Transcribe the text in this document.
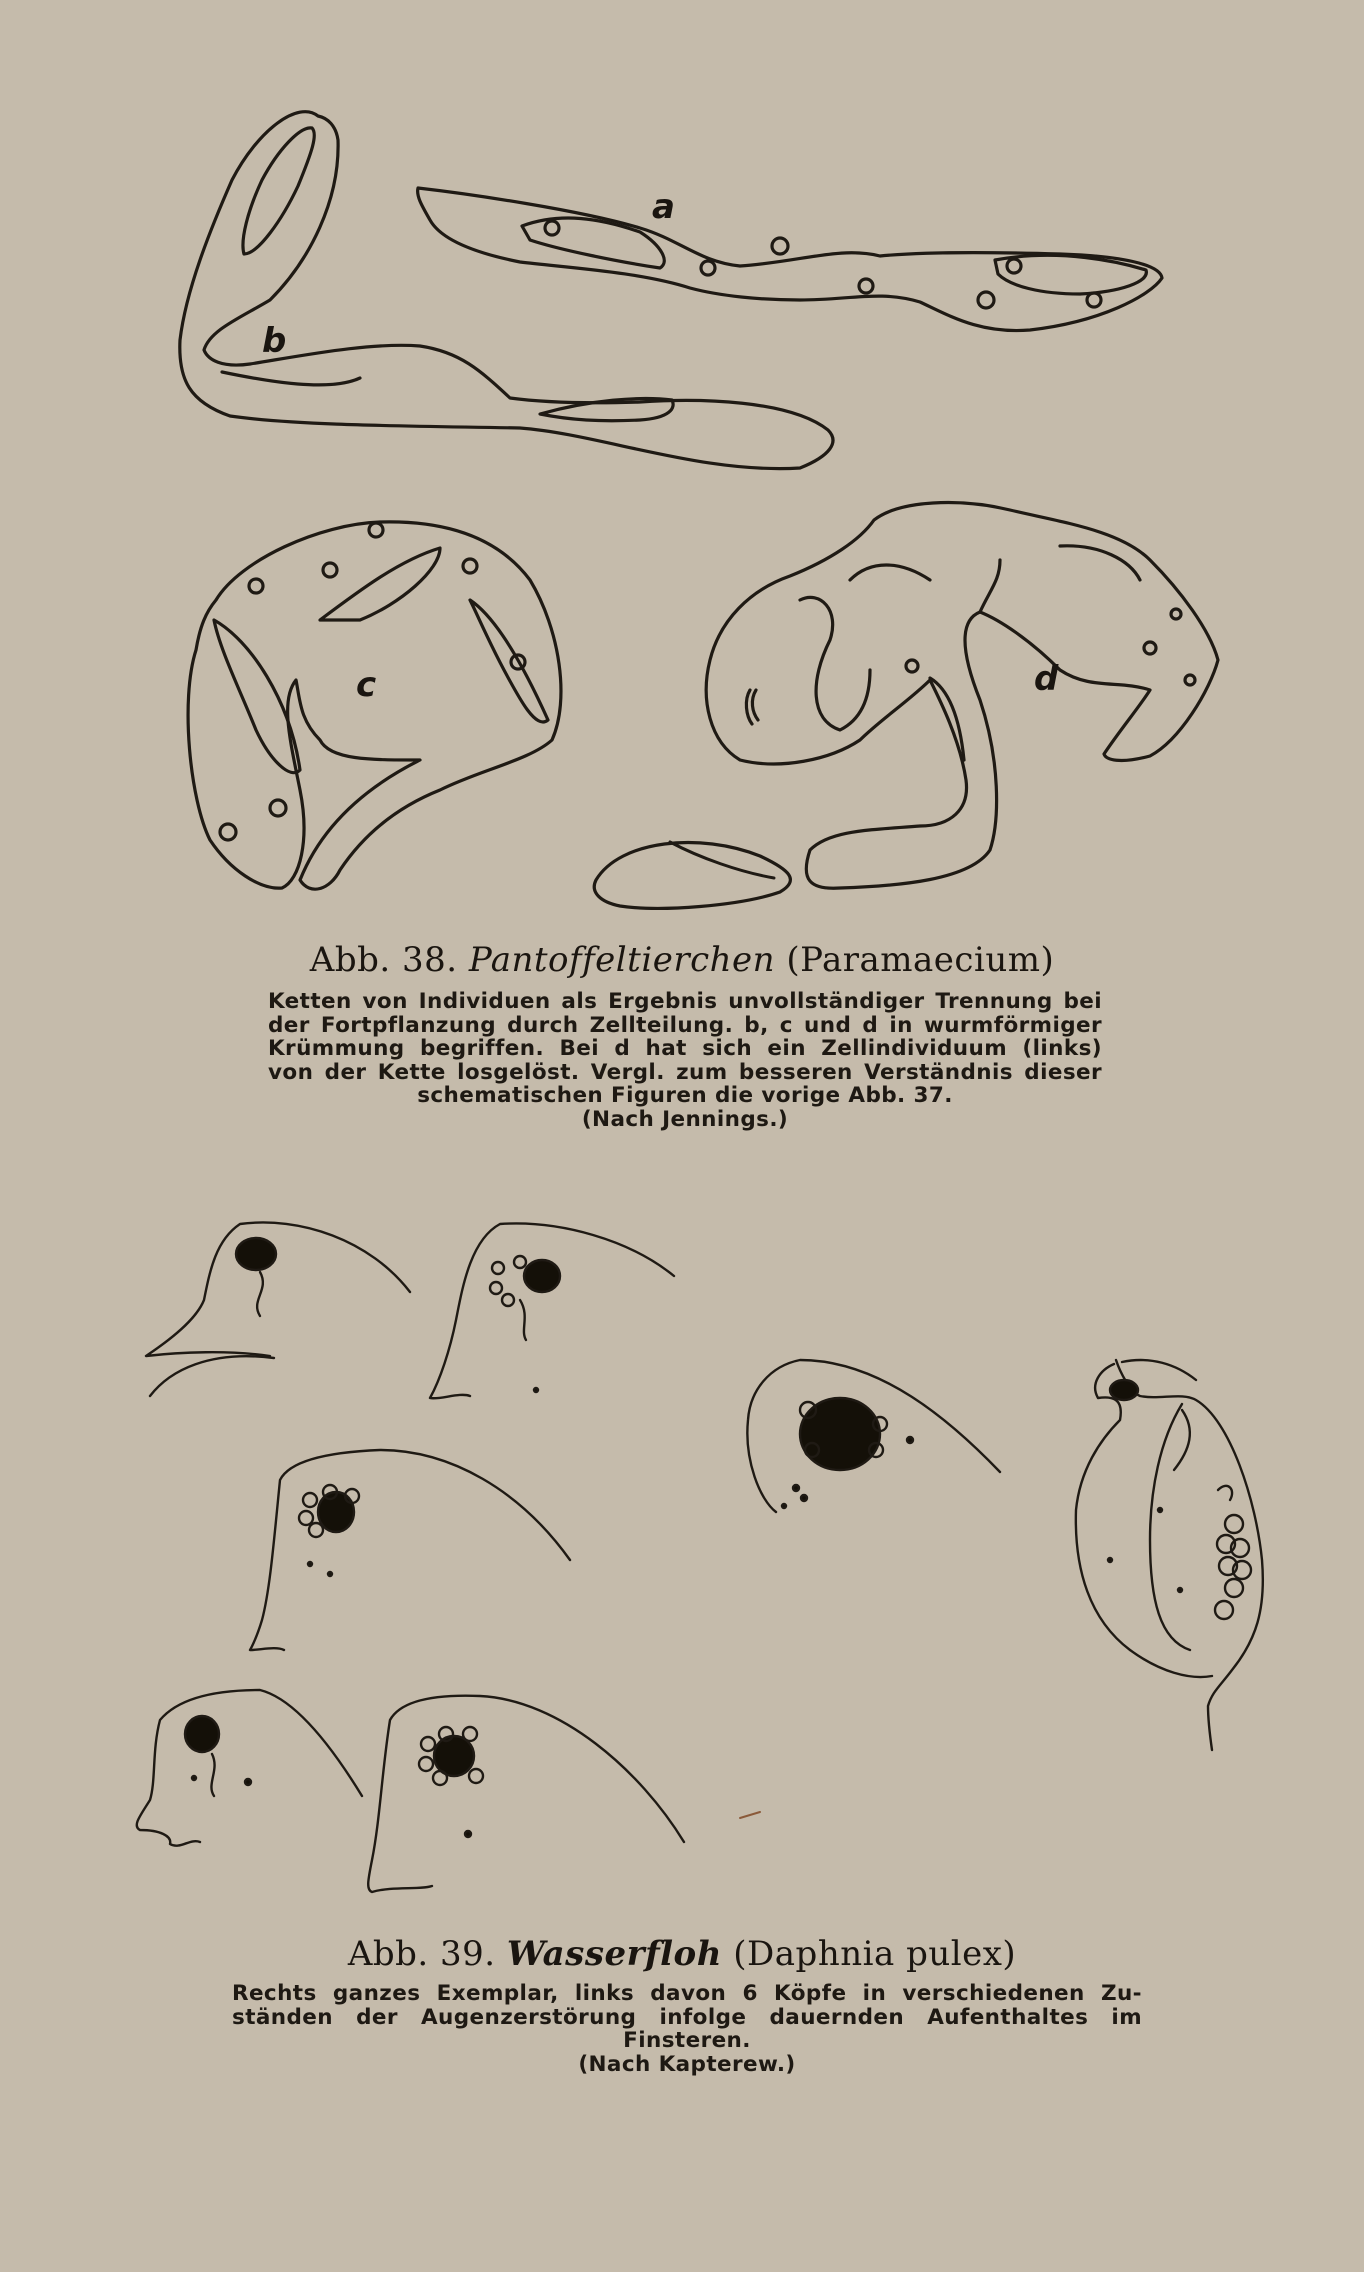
a
b
c	d
Abb. 38. Pantoffeltierchen (Paramaecium)
Ketten von Individuen als Ergebnis unvollständiger Trennung bei
der Fortpflanzung durch Zellteilung. b, c und d in wurmförmiger
Krümmung begriffen. Bei d hat sich ein Zellindividuum (links)
von der Kette losgelöst. Vergl. zum besseren Verständnis dieser
schematischen Figuren die vorige Abb. 37.
(Nach Jennings.)
Abb. 39. Wasserfloh (Daphnia pulex)
Rechts ganzes Exemplar, links davon 6 Köpfe in verschiedenen Zu-
ständen der Augenzerstörung infolge dauernden Aufenthaltes im
Finsteren.
(Nach Kapterew.)
